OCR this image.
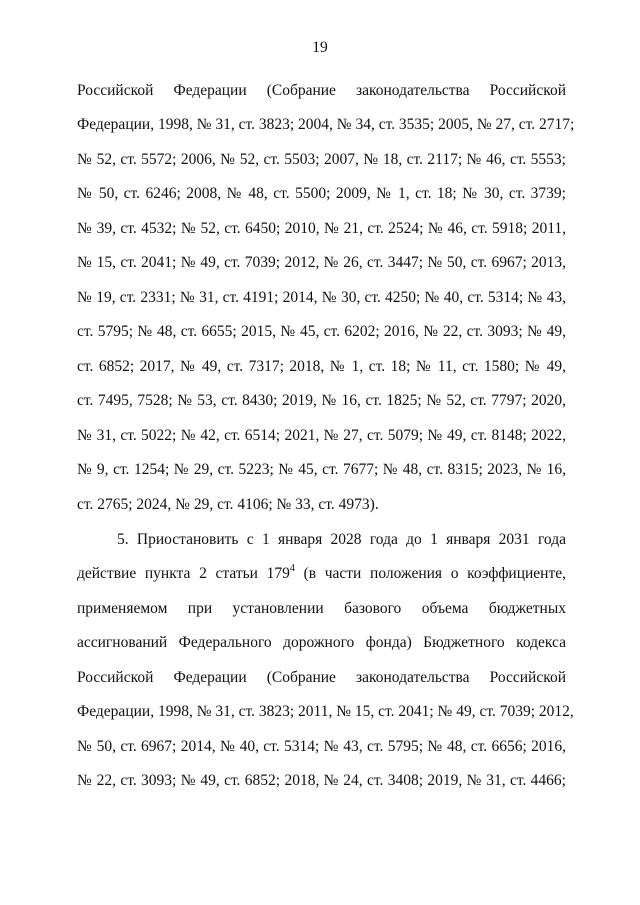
19
Российской Федерации (Собрание законодательства Российской
Федерации, 1998, № 31, ст. 3823; 2004, № 34, ст. 3535; 2005, № 27, ст. 2717;
№ 52, ст. 5572; 2006, № 52, ст. 5503; 2007, № 18, ст. 2117; № 46, ст. 5553;
№ 50, ст. 6246; 2008, № 48, ст. 5500; 2009, № 1, ст. 18; № 30, ст. 3739;
№ 39, ст. 4532; № 52, ст. 6450; 2010, № 21, ст. 2524; № 46, ст. 5918; 2011,
№ 15, ст. 2041; № 49, ст. 7039; 2012, № 26, ст. 3447; № 50, ст. 6967; 2013,
№ 19, ст. 2331; № 31, ст. 4191; 2014, № 30, ст. 4250; № 40, ст. 5314; № 43,
ст. 5795; № 48, ст. 6655; 2015, № 45, ст. 6202; 2016, № 22, ст. 3093; № 49,
ст. 6852; 2017, № 49, ст. 7317; 2018, № 1, ст. 18; № 11, ст. 1580; № 49,
ст. 7495, 7528; № 53, ст. 8430; 2019, № 16, ст. 1825; № 52, ст. 7797; 2020,
№ 31, ст. 5022; № 42, ст. 6514; 2021, № 27, ст. 5079; № 49, ст. 8148; 2022,
№ 9, ст. 1254; № 29, ст. 5223; № 45, ст. 7677; № 48, ст. 8315; 2023, № 16,
ст. 2765; 2024, № 29, ст. 4106; № 33, ст. 4973).
5. Приостановить с 1 января 2028 года до 1 января 2031 года
действие пункта 2 статьи $179^4$ (в части положения о коэффициенте,
применяемом при установлении базового объема бюджетных
ассигнований Федерального дорожного фонда) Бюджетного кодекса
Российской Федерации (Собрание законодательства Российской
Федерации, 1998, № 31, ст. 3823; 2011, № 15, ст. 2041; № 49, ст. 7039; 2012,
№ 50, ст. 6967; 2014, № 40, ст. 5314; № 43, ст. 5795; № 48, ст. 6656; 2016,
№ 22, ст. 3093; № 49, ст. 6852; 2018, № 24, ст. 3408; 2019, № 31, ст. 4466;
